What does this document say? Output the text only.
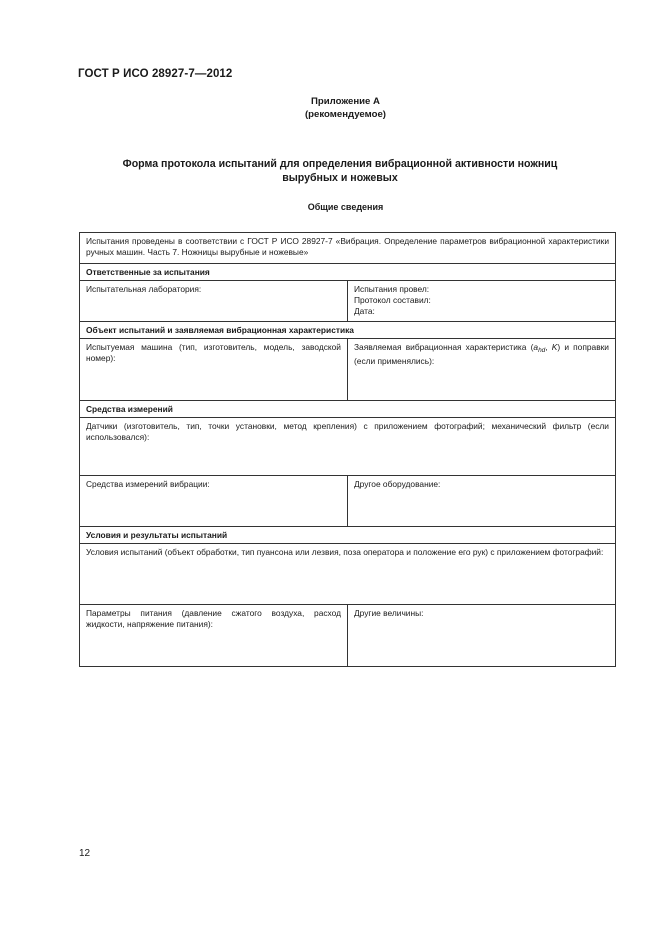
ГОСТ Р ИСО 28927-7—2012
Приложение А
(рекомендуемое)
Форма протокола испытаний для определения вибрационной активности ножниц вырубных и ножевых
Общие сведения
Испытания проведены в соответствии с ГОСТ Р ИСО 28927-7 «Вибрация. Определение параметров вибрационной характеристики ручных машин. Часть 7. Ножницы вырубные и ножевые»	
Ответственные за испытания	
Испытательная лаборатория:	Испытания провел:
Протокол составил:
Дата:

Объект испытаний и заявляемая вибрационная характеристика	
Испытуемая машина (тип, изготовитель, модель, заводской номер):	Заявляемая вибрационная характеристика ($a_{hd}$, K) и поправки (если применялись):
Средства измерений	
Датчики (изготовитель, тип, точки установки, метод крепления) с приложением фотографий; механический фильтр (если использовался):	
Средства измерений вибрации:	Другое оборудование:
Условия и результаты испытаний	
Условия испытаний (объект обработки, тип пуансона или лезвия, поза оператора и положение его рук) с приложением фотографий:	
Параметры питания (давление сжатого воздуха, расход жидкости, напряжение питания):	Другие величины:
12
